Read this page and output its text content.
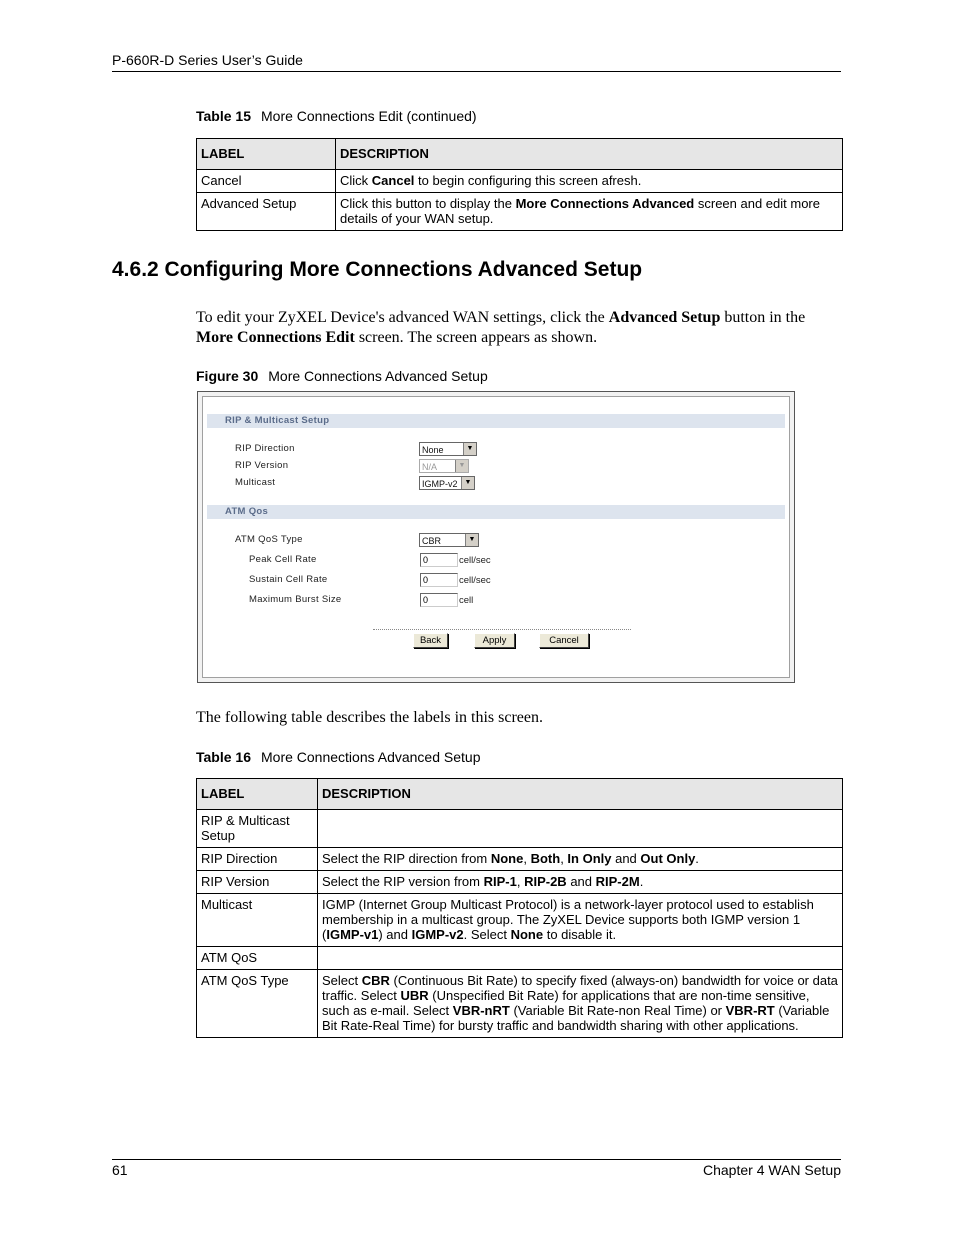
P-660R-D Series User’s Guide
Table 15 More Connections Edit (continued)
LABEL	DESCRIPTION
Cancel	Click Cancel to begin configuring this screen afresh.
Advanced Setup	Click this button to display the More Connections Advanced screen and edit more details of your WAN setup.
4.6.2 Configuring More Connections Advanced Setup
To edit your ZyXEL Device's advanced WAN settings, click the Advanced Setup button in the More Connections Edit screen. The screen appears as shown.
Figure 30 More Connections Advanced Setup
RIP & Multicast Setup
RIP Direction	None	▼
RIP Version	N/A	▼
Multicast	IGMP-v2	▼
ATM Qos
ATM QoS Type	CBR	▼
Peak Cell Rate	0	cell/sec
Sustain Cell Rate	0	cell/sec
Maximum Burst Size	0	cell
Back	Apply	Cancel
The following table describes the labels in this screen.
Table 16 More Connections Advanced Setup
LABEL	DESCRIPTION
RIP & Multicast Setup	
RIP Direction	Select the RIP direction from None, Both, In Only and Out Only.
RIP Version	Select the RIP version from RIP-1, RIP-2B and RIP-2M.
Multicast	IGMP (Internet Group Multicast Protocol) is a network-layer protocol used to establish membership in a multicast group. The ZyXEL Device supports both IGMP version 1 (IGMP-v1) and IGMP-v2. Select None to disable it.
ATM QoS	
ATM QoS Type	Select CBR (Continuous Bit Rate) to specify fixed (always-on) bandwidth for voice or data traffic. Select UBR (Unspecified Bit Rate) for applications that are non-time sensitive, such as e-mail. Select VBR-nRT (Variable Bit Rate-non Real Time) or VBR-RT (Variable Bit Rate-Real Time) for bursty traffic and bandwidth sharing with other applications.
61	Chapter 4 WAN Setup
